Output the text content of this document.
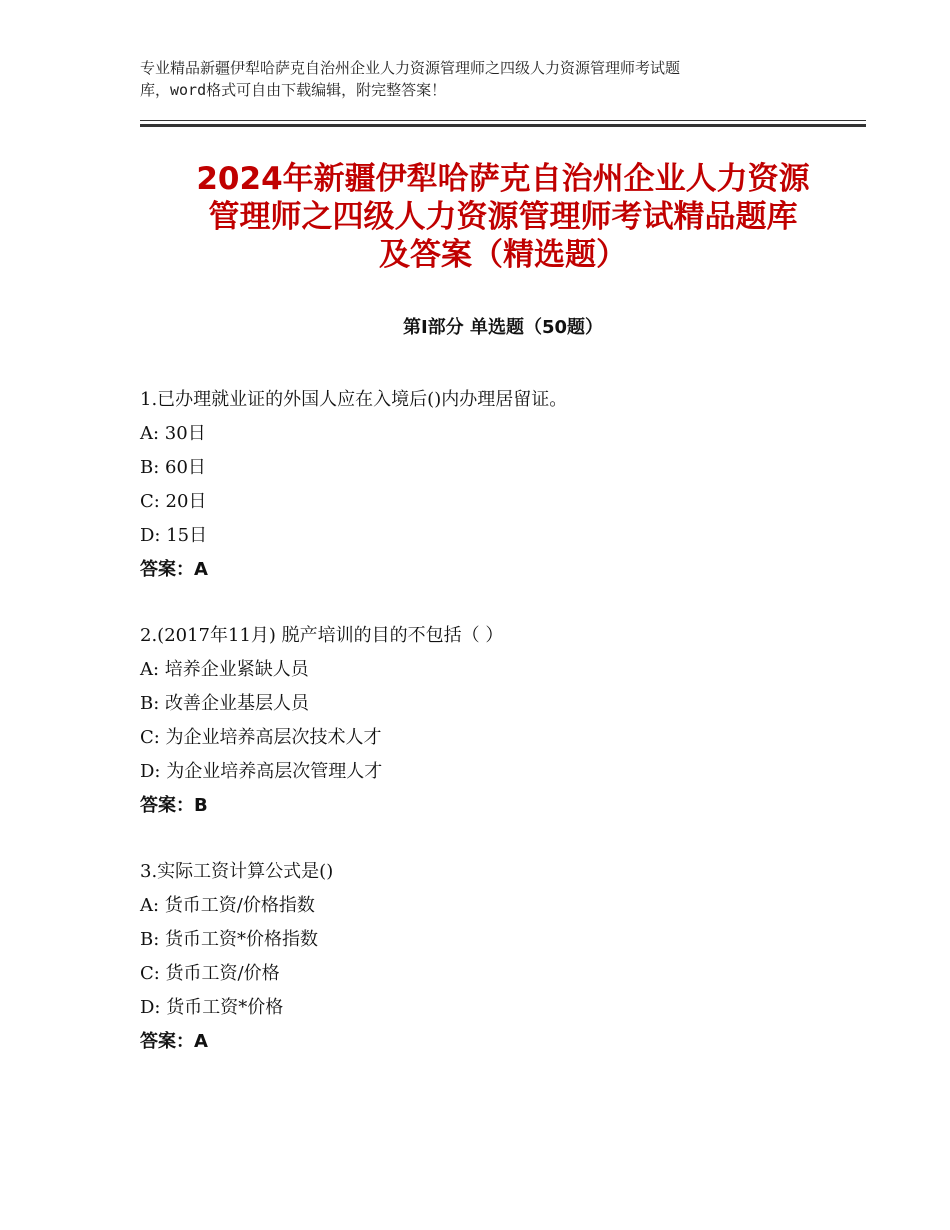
专业精品新疆伊犁哈萨克自治州企业人力资源管理师之四级人力资源管理师考试题
库，word格式可自由下载编辑，附完整答案！
2024年新疆伊犁哈萨克自治州企业人力资源
管理师之四级人力资源管理师考试精品题库
及答案（精选题）
第Ⅰ部分 单选题（50题）
1.已办理就业证的外国人应在入境后()内办理居留证。
A: 30日
B: 60日
C: 20日
D: 15日
答案：A
2.(2017年11月) 脱产培训的目的不包括（ ）
A: 培养企业紧缺人员
B: 改善企业基层人员
C: 为企业培养高层次技术人才
D: 为企业培养高层次管理人才
答案：B
3.实际工资计算公式是()
A: 货币工资/价格指数
B: 货币工资*价格指数
C: 货币工资/价格
D: 货币工资*价格
答案：A
